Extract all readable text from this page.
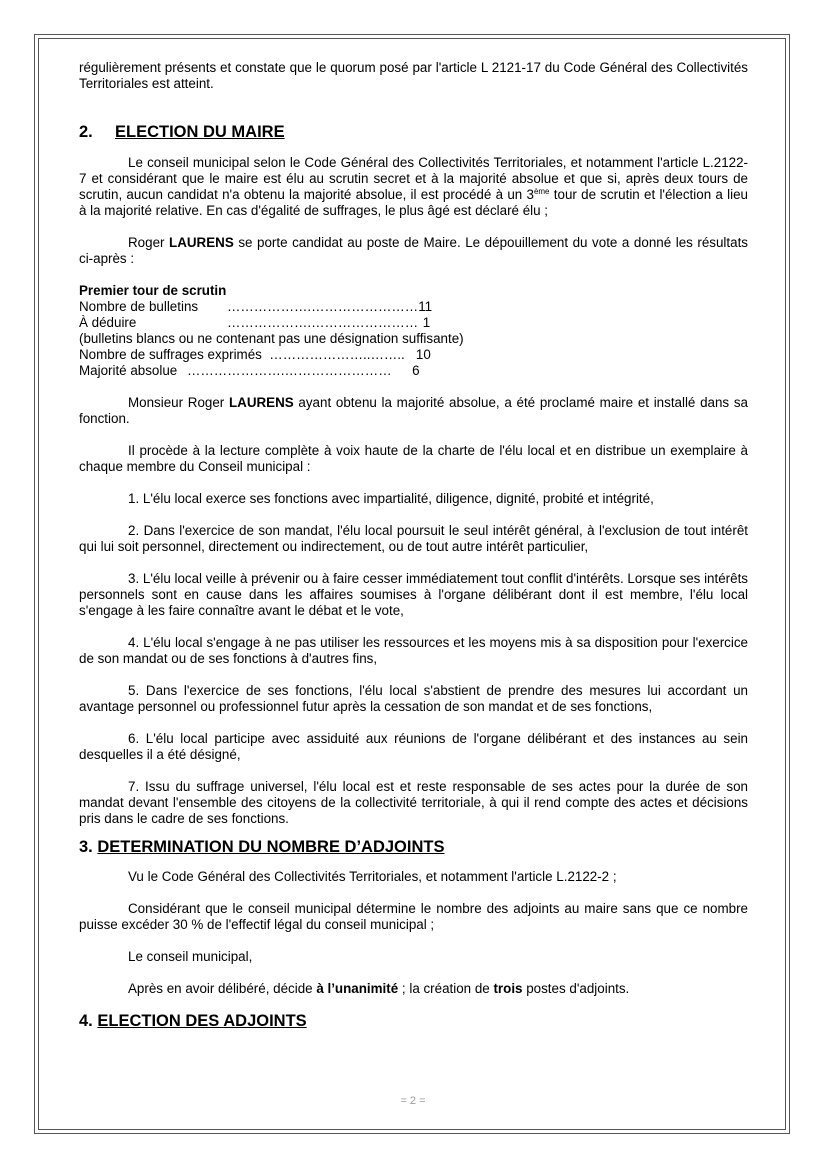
régulièrement présents et constate que le quorum posé par l'article L 2121-17 du Code Général des Collectivités Territoriales est atteint.

2. ELECTION DU MAIRE

Le conseil municipal selon le Code Général des Collectivités Territoriales, et notamment l'article L.2122-7 et considérant que le maire est élu au scrutin secret et à la majorité absolue et que si, après deux tours de scrutin, aucun candidat n'a obtenu la majorité absolue, il est procédé à un 3ème tour de scrutin et l'élection a lieu à la majorité relative. En cas d'égalité de suffrages, le plus âgé est déclaré élu ;

Roger LAURENS se porte candidat au poste de Maire. Le dépouillement du vote a donné les résultats ci-après :

Premier tour de scrutin
Nombre de bulletins ……………….……………………11
À déduire	……………….…………………… 1
(bulletins blancs ou ne contenant pas une désignation suffisante)
Nombre de suffrages exprimés …………………..…….. 10
Majorité absolue ………………….…………………… 6

Monsieur Roger LAURENS ayant obtenu la majorité absolue, a été proclamé maire et installé dans sa fonction.

Il procède à la lecture complète à voix haute de la charte de l'élu local et en distribue un exemplaire à chaque membre du Conseil municipal :

1. L'élu local exerce ses fonctions avec impartialité, diligence, dignité, probité et intégrité,

2. Dans l'exercice de son mandat, l'élu local poursuit le seul intérêt général, à l'exclusion de tout intérêt qui lui soit personnel, directement ou indirectement, ou de tout autre intérêt particulier,

3. L'élu local veille à prévenir ou à faire cesser immédiatement tout conflit d'intérêts. Lorsque ses intérêts personnels sont en cause dans les affaires soumises à l'organe délibérant dont il est membre, l'élu local s'engage à les faire connaître avant le débat et le vote,

4. L'élu local s'engage à ne pas utiliser les ressources et les moyens mis à sa disposition pour l'exercice de son mandat ou de ses fonctions à d'autres fins,

5. Dans l'exercice de ses fonctions, l'élu local s'abstient de prendre des mesures lui accordant un avantage personnel ou professionnel futur après la cessation de son mandat et de ses fonctions,

6. L'élu local participe avec assiduité aux réunions de l'organe délibérant et des instances au sein desquelles il a été désigné,

7. Issu du suffrage universel, l'élu local est et reste responsable de ses actes pour la durée de son mandat devant l'ensemble des citoyens de la collectivité territoriale, à qui il rend compte des actes et décisions pris dans le cadre de ses fonctions.

3. DETERMINATION DU NOMBRE D’ADJOINTS

Vu le Code Général des Collectivités Territoriales, et notamment l'article L.2122-2 ;

Considérant que le conseil municipal détermine le nombre des adjoints au maire sans que ce nombre puisse excéder 30 % de l'effectif légal du conseil municipal ;

Le conseil municipal,

Après en avoir délibéré, décide à l’unanimité ; la création de trois postes d'adjoints.

4. ELECTION DES ADJOINTS
= 2 =
